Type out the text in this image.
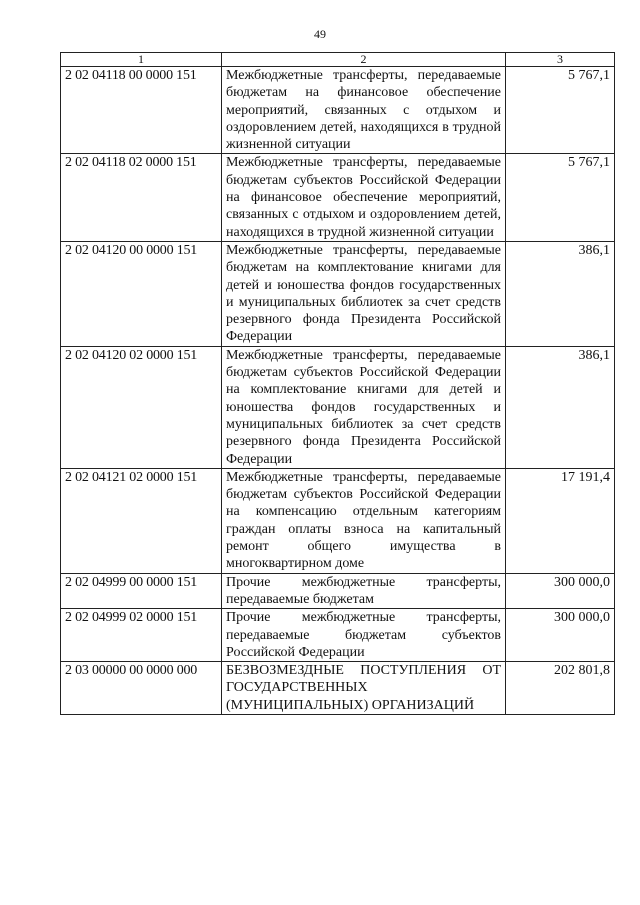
49
1	2	3
2 02 04118 00 0000 151	Межбюджетные трансферты, передаваемые бюджетам на финансовое обеспечение мероприятий, связанных с отдыхом и оздоровлением детей, находящихся в трудной жизненной ситуации	5 767,1
2 02 04118 02 0000 151	Межбюджетные трансферты, передаваемые бюджетам субъектов Российской Федерации на финансовое обеспечение мероприятий, связанных с отдыхом и оздоровлением детей, находящихся в трудной жизненной ситуации	5 767,1
2 02 04120 00 0000 151	Межбюджетные трансферты, передаваемые бюджетам на комплектование книгами для детей и юношества фондов государственных и муниципальных библиотек за счет средств резервного фонда Президента Российской Федерации	386,1
2 02 04120 02 0000 151	Межбюджетные трансферты, передаваемые бюджетам субъектов Российской Федерации на комплектование книгами для детей и юношества фондов государственных и муниципальных библиотек за счет средств резервного фонда Президента Российской Федерации	386,1
2 02 04121 02 0000 151	Межбюджетные трансферты, передаваемые бюджетам субъектов Российской Федерации на компенсацию отдельным категориям граждан оплаты взноса на капитальный ремонт общего имущества в многоквартирном доме	17 191,4
2 02 04999 00 0000 151	Прочие межбюджетные трансферты, передаваемые бюджетам	300 000,0
2 02 04999 02 0000 151	Прочие межбюджетные трансферты, передаваемые бюджетам субъектов Российской Федерации	300 000,0
2 03 00000 00 0000 000	БЕЗВОЗМЕЗДНЫЕ ПОСТУПЛЕНИЯ ОТ ГОСУДАРСТВЕННЫХ (МУНИЦИПАЛЬНЫХ) ОРГАНИЗАЦИЙ	202 801,8
